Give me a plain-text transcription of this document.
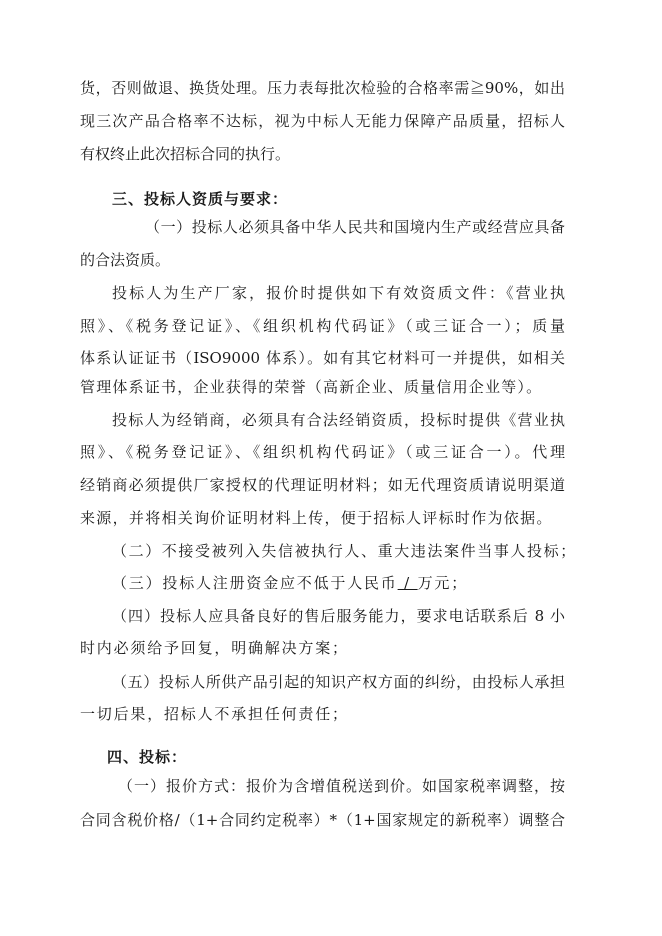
货，否则做退、换货处理。压力表每批次检验的合格率需≧90%，如出
现三次产品合格率不达标，视为中标人无能力保障产品质量，招标人
有权终止此次招标合同的执行。
三、投标人资质与要求：
（一）投标人必须具备中华人民共和国境内生产或经营应具备
的合法资质。
投标人为生产厂家，报价时提供如下有效资质文件：《营业执
照》、《税务登记证》、《组织机构代码证》（或三证合一）；质量
体系认证证书（ISO9000 体系）。如有其它材料可一并提供，如相关
管理体系证书，企业获得的荣誉（高新企业、质量信用企业等）。
投标人为经销商，必须具有合法经销资质，投标时提供《营业执
照》、《税务登记证》、《组织机构代码证》（或三证合一）。代理
经销商必须提供厂家授权的代理证明材料；如无代理资质请说明渠道
来源，并将相关询价证明材料上传，便于招标人评标时作为依据。
（二）不接受被列入失信被执行人、重大违法案件当事人投标；
（三）投标人注册资金应不低于人民币 / 万元；
（四）投标人应具备良好的售后服务能力，要求电话联系后 8 小
时内必须给予回复，明确解决方案；
（五）投标人所供产品引起的知识产权方面的纠纷，由投标人承担
一切后果，招标人不承担任何责任；
四、投标：
（一）报价方式：报价为含增值税送到价。如国家税率调整，按
合同含税价格/（1+合同约定税率）*（1+国家规定的新税率）调整合
